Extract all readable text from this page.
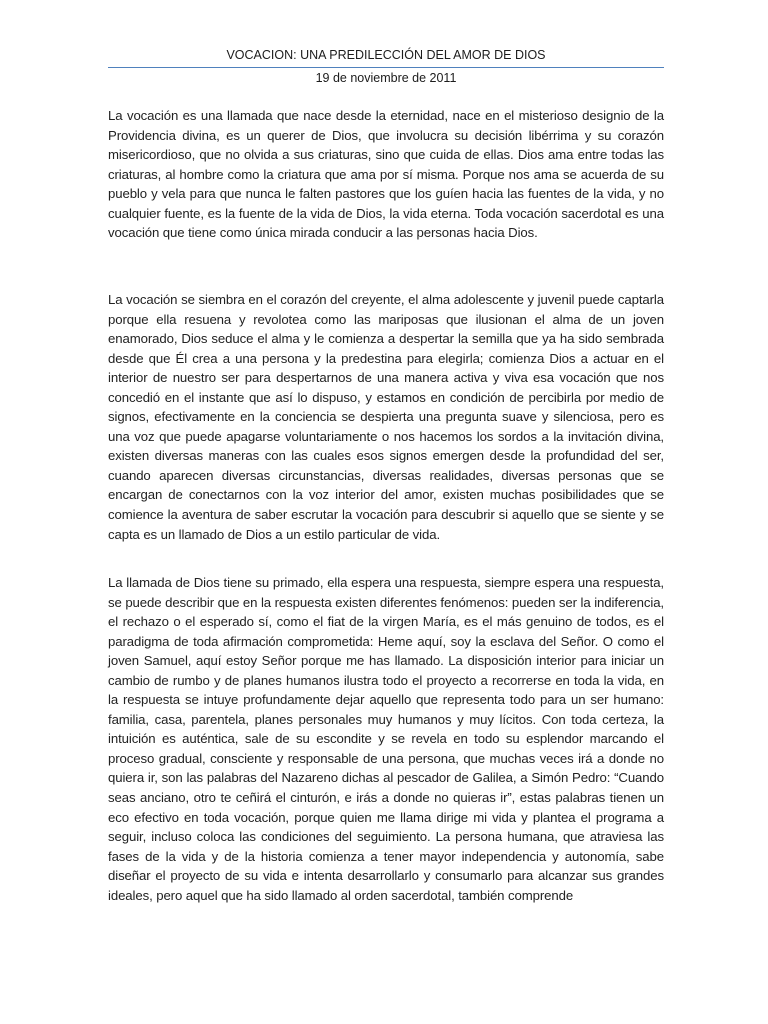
VOCACION: UNA PREDILECCIÓN DEL AMOR DE DIOS
19 de noviembre de 2011

La vocación es una llamada que nace desde la eternidad, nace en el misterioso designio de la Providencia divina, es un querer de Dios, que involucra su decisión libérrima y su corazón misericordioso, que no olvida a sus criaturas, sino que cuida de ellas. Dios ama entre todas las criaturas, al hombre como la criatura que ama por sí misma. Porque nos ama se acuerda de su pueblo y vela para que nunca le falten pastores que los guíen hacia las fuentes de la vida, y no cualquier fuente, es la fuente de la vida de Dios, la vida eterna. Toda vocación sacerdotal es una vocación que tiene como única mirada conducir a las personas hacia Dios.

La vocación se siembra en el corazón del creyente, el alma adolescente y juvenil puede captarla porque ella resuena y revolotea como las mariposas que ilusionan el alma de un joven enamorado, Dios seduce el alma y le comienza a despertar la semilla que ya ha sido sembrada desde que Él crea a una persona y la predestina para elegirla; comienza Dios a actuar en el interior de nuestro ser para despertarnos de una manera activa y viva esa vocación que nos concedió en el instante que así lo dispuso, y estamos en condición de percibirla por medio de signos, efectivamente en la conciencia se despierta una pregunta suave y silenciosa, pero es una voz que puede apagarse voluntariamente o nos hacemos los sordos a la invitación divina, existen diversas maneras con las cuales esos signos emergen desde la profundidad del ser, cuando aparecen diversas circunstancias, diversas realidades, diversas personas que se encargan de conectarnos con la voz interior del amor, existen muchas posibilidades que se comience la aventura de saber escrutar la vocación para descubrir si aquello que se siente y se capta es un llamado de Dios a un estilo particular de vida.

La llamada de Dios tiene su primado, ella espera una respuesta, siempre espera una respuesta, se puede describir que en la respuesta existen diferentes fenómenos: pueden ser la indiferencia, el rechazo o el esperado sí, como el fiat de la virgen María, es el más genuino de todos, es el paradigma de toda afirmación comprometida: Heme aquí, soy la esclava del Señor. O como el joven Samuel, aquí estoy Señor porque me has llamado. La disposición interior para iniciar un cambio de rumbo y de planes humanos ilustra todo el proyecto a recorrerse en toda la vida, en la respuesta se intuye profundamente dejar aquello que representa todo para un ser humano: familia, casa, parentela, planes personales muy humanos y muy lícitos. Con toda certeza, la intuición es auténtica, sale de su escondite y se revela en todo su esplendor marcando el proceso gradual, consciente y responsable de una persona, que muchas veces irá a donde no quiera ir, son las palabras del Nazareno dichas al pescador de Galilea, a Simón Pedro: “Cuando seas anciano, otro te ceñirá el cinturón, e irás a donde no quieras ir”, estas palabras tienen un eco efectivo en toda vocación, porque quien me llama dirige mi vida y plantea el programa a seguir, incluso coloca las condiciones del seguimiento. La persona humana, que atraviesa las fases de la vida y de la historia comienza a tener mayor independencia y autonomía, sabe diseñar el proyecto de su vida e intenta desarrollarlo y consumarlo para alcanzar sus grandes ideales, pero aquel que ha sido llamado al orden sacerdotal, también comprende
